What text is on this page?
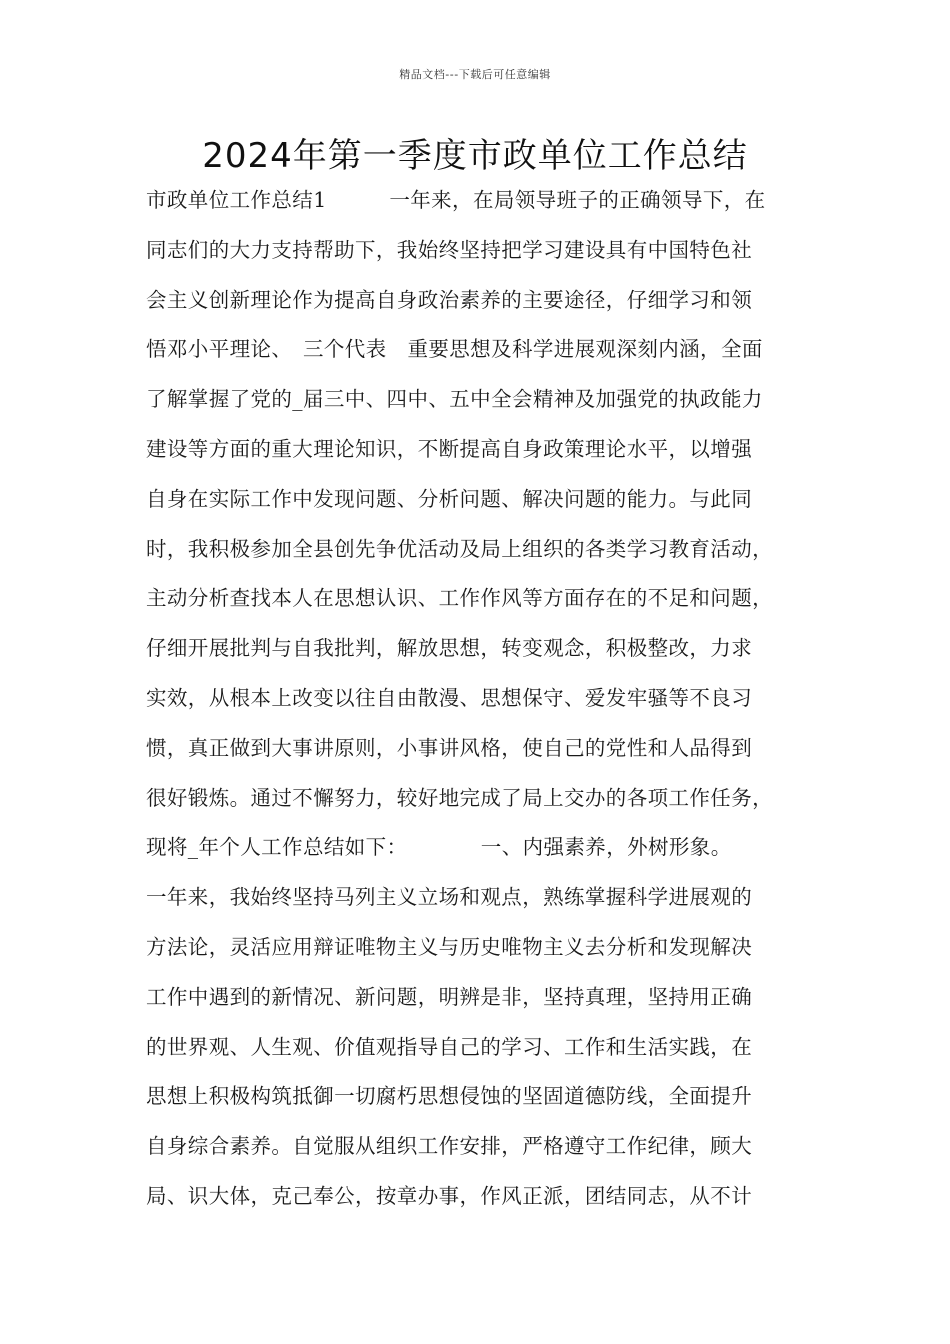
精品文档---下载后可任意编辑
2024年第一季度市政单位工作总结
市政单位工作总结1　　　一年来，在局领导班子的正确领导下，在
同志们的大力支持帮助下，我始终坚持把学习建设具有中国特色社
会主义创新理论作为提高自身政治素养的主要途径，仔细学习和领
悟邓小平理论、　三个代表　重要思想及科学进展观深刻内涵，全面
了解掌握了党的_届三中、四中、五中全会精神及加强党的执政能力
建设等方面的重大理论知识，不断提高自身政策理论水平，以增强
自身在实际工作中发现问题、分析问题、解决问题的能力。与此同
时，我积极参加全县创先争优活动及局上组织的各类学习教育活动，
主动分析查找本人在思想认识、工作作风等方面存在的不足和问题，
仔细开展批判与自我批判，解放思想，转变观念，积极整改，力求
实效，从根本上改变以往自由散漫、思想保守、爱发牢骚等不良习
惯，真正做到大事讲原则，小事讲风格，使自己的党性和人品得到
很好锻炼。通过不懈努力，较好地完成了局上交办的各项工作任务，
现将_年个人工作总结如下：　　　　一、内强素养，外树形象。
一年来，我始终坚持马列主义立场和观点，熟练掌握科学进展观的
方法论，灵活应用辩证唯物主义与历史唯物主义去分析和发现解决
工作中遇到的新情况、新问题，明辨是非，坚持真理，坚持用正确
的世界观、人生观、价值观指导自己的学习、工作和生活实践，在
思想上积极构筑抵御一切腐朽思想侵蚀的坚固道德防线，全面提升
自身综合素养。自觉服从组织工作安排，严格遵守工作纪律，顾大
局、识大体，克己奉公，按章办事，作风正派，团结同志，从不计
